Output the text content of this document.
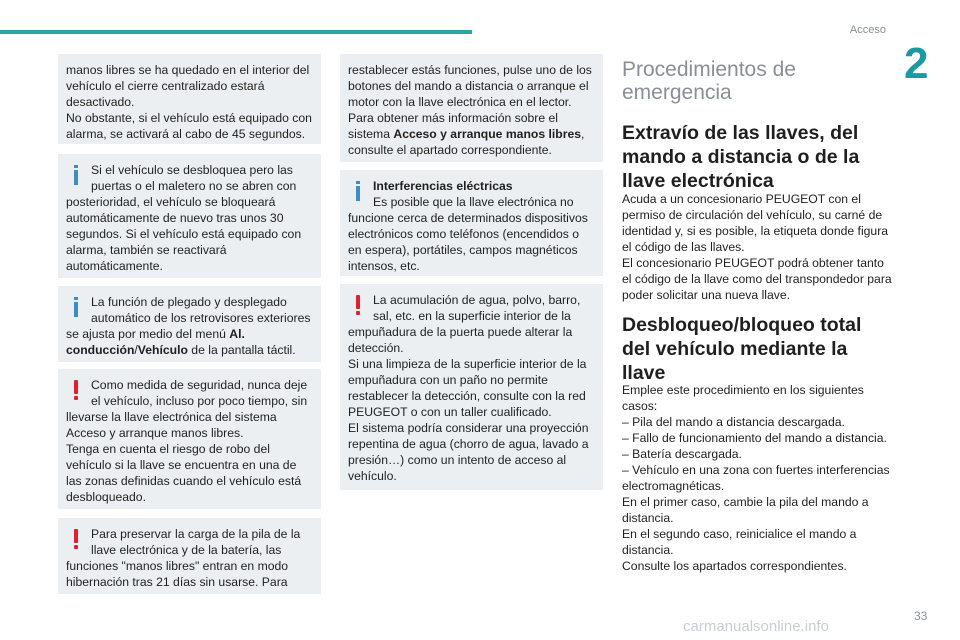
Acceso
2

manos libres se ha quedado en el interior del vehículo el cierre centralizado estará desactivado.
No obstante, si el vehículo está equipado con alarma, se activará al cabo de 45 segundos.

Si el vehículo se desbloquea pero las puertas o el maletero no se abren con

posterioridad, el vehículo se bloqueará automáticamente de nuevo tras unos 30 segundos. Si el vehículo está equipado con alarma, también se reactivará automáticamente.

La función de plegado y desplegado automático de los retrovisores exteriores

se ajusta por medio del menú Al. conducción/Vehículo de la pantalla táctil.

Como medida de seguridad, nunca deje el vehículo, incluso por poco tiempo, sin

llevarse la llave electrónica del sistema Acceso y arranque manos libres.
Tenga en cuenta el riesgo de robo del vehículo si la llave se encuentra en una de las zonas definidas cuando el vehículo está desbloqueado.

Para preservar la carga de la pila de la llave electrónica y de la batería, las

funciones "manos libres" entran en modo hibernación tras 21 días sin usarse. Para

restablecer estás funciones, pulse uno de los botones del mando a distancia o arranque el motor con la llave electrónica en el lector.
Para obtener más información sobre el sistema Acceso y arranque manos libres, consulte el apartado correspondiente.

Interferencias eléctricas

Es posible que la llave electrónica no

funcione cerca de determinados dispositivos electrónicos como teléfonos (encendidos o en espera), portátiles, campos magnéticos intensos, etc.

La acumulación de agua, polvo, barro, sal, etc. en la superficie interior de la

empuñadura de la puerta puede alterar la detección.
Si una limpieza de la superficie interior de la empuñadura con un paño no permite restablecer la detección, consulte con la red PEUGEOT o con un taller cualificado.
El sistema podría considerar una proyección repentina de agua (chorro de agua, lavado a presión…) como un intento de acceso al vehículo.

Procedimientos de emergencia
Extravío de las llaves, del mando a distancia o de la llave electrónica

Acuda a un concesionario PEUGEOT con el permiso de circulación del vehículo, su carné de identidad y, si es posible, la etiqueta donde figura el código de las llaves.
El concesionario PEUGEOT podrá obtener tanto el código de la llave como del transpondedor para poder solicitar una nueva llave.

Desbloqueo/bloqueo total del vehículo mediante la llave

Emplee este procedimiento en los siguientes casos:
– Pila del mando a distancia descargada.
– Fallo de funcionamiento del mando a distancia.
– Batería descargada.
– Vehículo en una zona con fuertes interferencias electromagnéticas.
En el primer caso, cambie la pila del mando a distancia.
En el segundo caso, reinicialice el mando a distancia.
Consulte los apartados correspondientes.

33
carmanualsonline.info
